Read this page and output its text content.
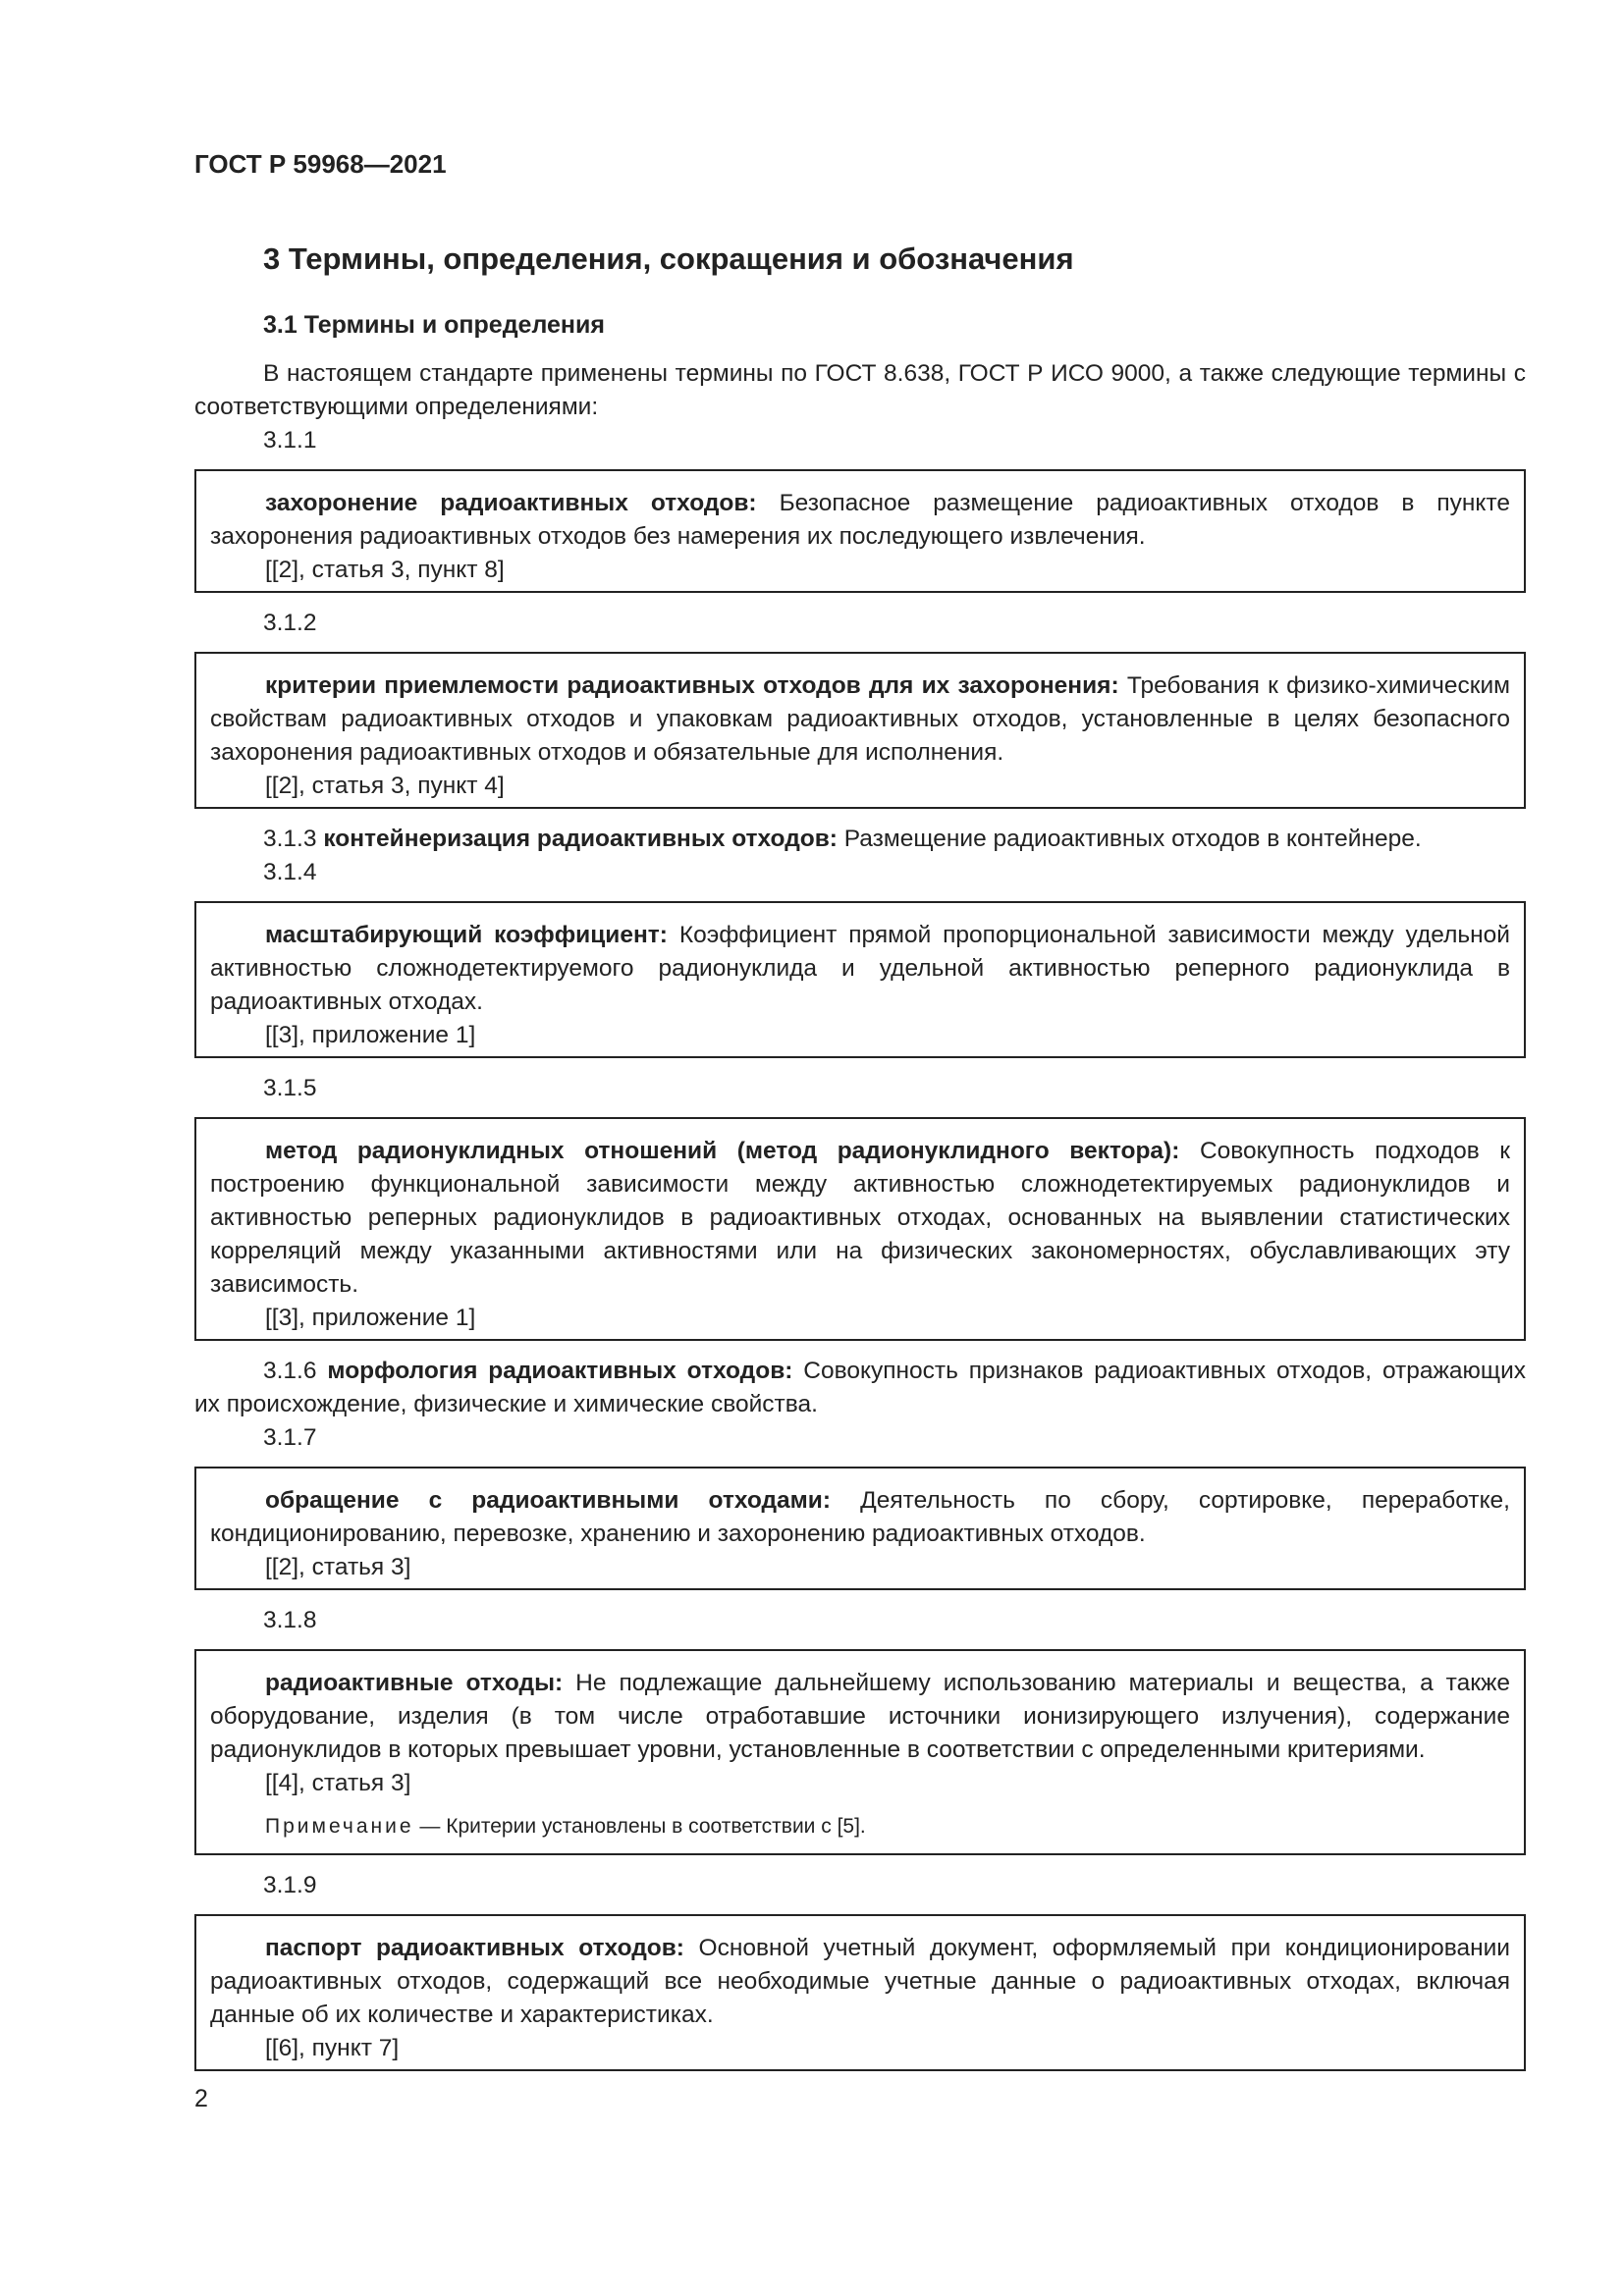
ГОСТ Р 59968—2021
3 Термины, определения, сокращения и обозначения
3.1 Термины и определения
В настоящем стандарте применены термины по ГОСТ 8.638, ГОСТ Р ИСО 9000, а также следующие термины с соответствующими определениями:
3.1.1

захоронение радиоактивных отходов: Безопасное размещение радиоактивных отходов в пункте захоронения радиоактивных отходов без намерения их последующего извлечения.

[[2], статья 3, пункт 8]
3.1.2

критерии приемлемости радиоактивных отходов для их захоронения: Требования к физико-химическим свойствам радиоактивных отходов и упаковкам радиоактивных отходов, установленные в целях безопасного захоронения радиоактивных отходов и обязательные для исполнения.

[[2], статья 3, пункт 4]

3.1.3 контейнеризация радиоактивных отходов: Размещение радиоактивных отходов в контейнере.

3.1.4

масштабирующий коэффициент: Коэффициент прямой пропорциональной зависимости между удельной активностью сложнодетектируемого радионуклида и удельной активностью реперного радионуклида в радиоактивных отходах.

[[3], приложение 1]
3.1.5

метод радионуклидных отношений (метод радионуклидного вектора): Совокупность подходов к построению функциональной зависимости между активностью сложнодетектируемых радионуклидов и активностью реперных радионуклидов в радиоактивных отходах, основанных на выявлении статистических корреляций между указанными активностями или на физических закономерностях, обуславливающих эту зависимость.

[[3], приложение 1]

3.1.6 морфология радиоактивных отходов: Совокупность признаков радиоактивных отходов, отражающих их происхождение, физические и химические свойства.

3.1.7

обращение с радиоактивными отходами: Деятельность по сбору, сортировке, переработке, кондиционированию, перевозке, хранению и захоронению радиоактивных отходов.

[[2], статья 3]
3.1.8

радиоактивные отходы: Не подлежащие дальнейшему использованию материалы и вещества, а также оборудование, изделия (в том числе отработавшие источники ионизирующего излучения), содержание радионуклидов в которых превышает уровни, установленные в соответствии с определенными критериями.

[[4], статья 3]
Примечание — Критерии установлены в соответствии с [5].
3.1.9

паспорт радиоактивных отходов: Основной учетный документ, оформляемый при кондиционировании радиоактивных отходов, содержащий все необходимые учетные данные о радиоактивных отходах, включая данные об их количестве и характеристиках.

[[6], пункт 7]
2
